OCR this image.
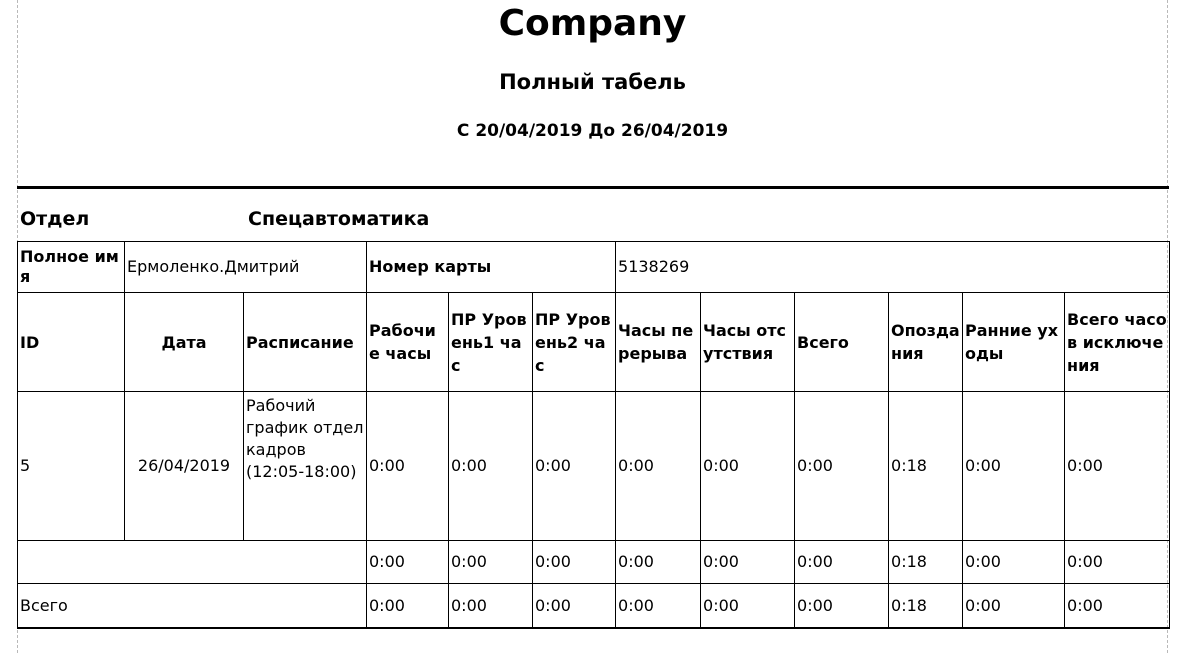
Company
Полный табель
С 20/04/2019 До 26/04/2019
Отдел	Спецавтоматика
Полное имя	Ермоленко.Дмитрий		Номер карты			5138269					
ID	Дата	Расписание	Рабочие часы	ПР Уровень1 час	ПР Уровень2 час	Часы перерыва	Часы отсутствия	Всего	Опоздания	Ранние уходы	Всего часов исключения
5	26/04/2019	Рабочий график отдел кадров (12:05-18:00)	0:00	0:00	0:00	0:00	0:00	0:00	0:18	0:00	0:00
			0:00	0:00	0:00	0:00	0:00	0:00	0:18	0:00	0:00
Всего			0:00	0:00	0:00	0:00	0:00	0:00	0:18	0:00	0:00
